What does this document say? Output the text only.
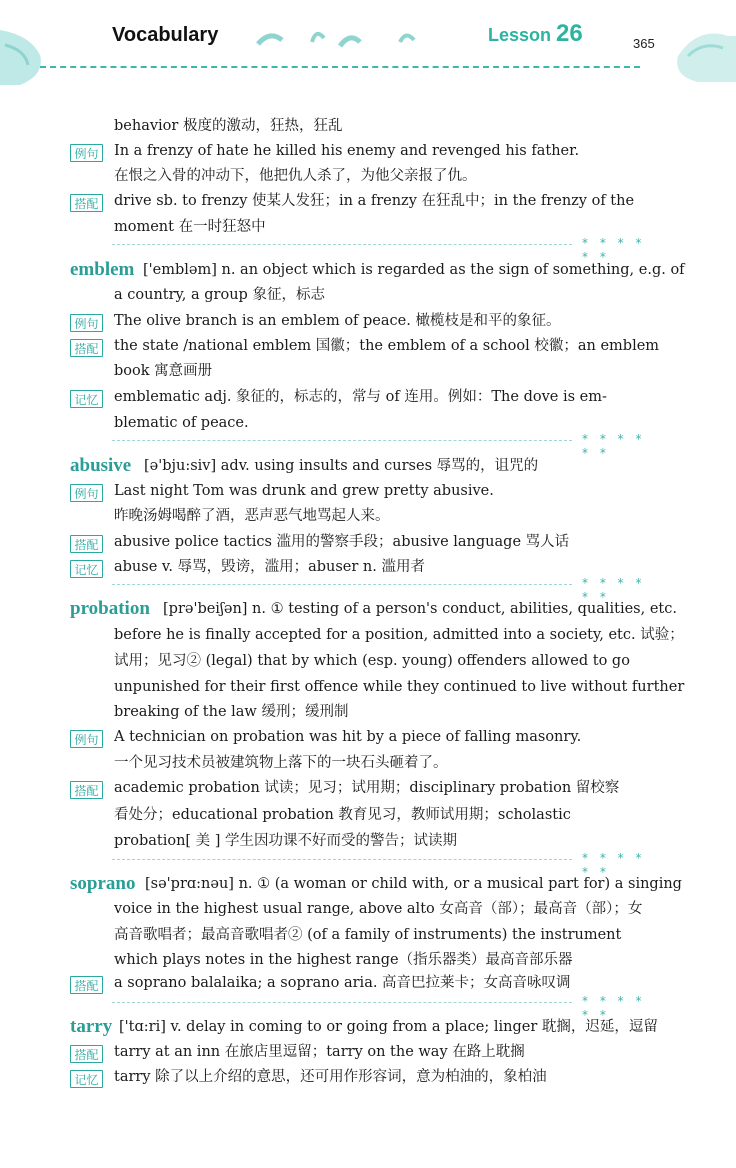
Vocabulary	Lesson 26	365
behavior 极度的激动，狂热，狂乱
例句	In a frenzy of hate he killed his enemy and revenged his father.
在恨之入骨的冲动下，他把仇人杀了，为他父亲报了仇。
搭配	drive sb. to frenzy 使某人发狂；in a frenzy 在狂乱中；in the frenzy of the
moment 在一时狂怒中
* * * * * *
emblem ['embləm] n. an object which is regarded as the sign of something, e.g. of
a country, a group 象征，标志
例句	The olive branch is an emblem of peace. 橄榄枝是和平的象征。
搭配	the state /national emblem 国徽；the emblem of a school 校徽；an emblem
book 寓意画册
记忆	emblematic adj. 象征的，标志的，常与 of 连用。例如：The dove is em-
blematic of peace.
* * * * * *
abusive [ə'bju:siv] adv. using insults and curses 辱骂的，诅咒的
例句	Last night Tom was drunk and grew pretty abusive.
昨晚汤姆喝醉了酒，恶声恶气地骂起人来。
搭配	abusive police tactics 滥用的警察手段；abusive language 骂人话
记忆	abuse v. 辱骂，毁谤，滥用；abuser n. 滥用者
* * * * * *
probation [prə'beiʃən] n. ① testing of a person's conduct, abilities, qualities, etc.
before he is finally accepted for a position, admitted into a society, etc. 试验；
试用；见习② (legal) that by which (esp. young) offenders allowed to go
unpunished for their first offence while they continued to live without further
breaking of the law 缓刑；缓刑制
例句	A technician on probation was hit by a piece of falling masonry.
一个见习技术员被建筑物上落下的一块石头砸着了。
搭配	academic probation 试读；见习；试用期；disciplinary probation 留校察
看处分；educational probation 教育见习，教师试用期；scholastic
probation[ 美 ] 学生因功课不好而受的警告；试读期
* * * * * *
soprano [sə'prɑ:nəu] n. ① (a woman or child with, or a musical part for) a singing
voice in the highest usual range, above alto 女高音（部）；最高音（部）；女
高音歌唱者；最高音歌唱者② (of a family of instruments) the instrument
which plays notes in the highest range（指乐器类）最高音部乐器
搭配	a soprano balalaika; a soprano aria. 高音巴拉莱卡；女高音咏叹调
* * * * * *
tarry ['tɑ:ri] v. delay in coming to or going from a place; linger 耽搁，迟延，逗留
搭配	tarry at an inn 在旅店里逗留；tarry on the way 在路上耽搁
记忆	tarry 除了以上介绍的意思，还可用作形容词，意为柏油的，象柏油
